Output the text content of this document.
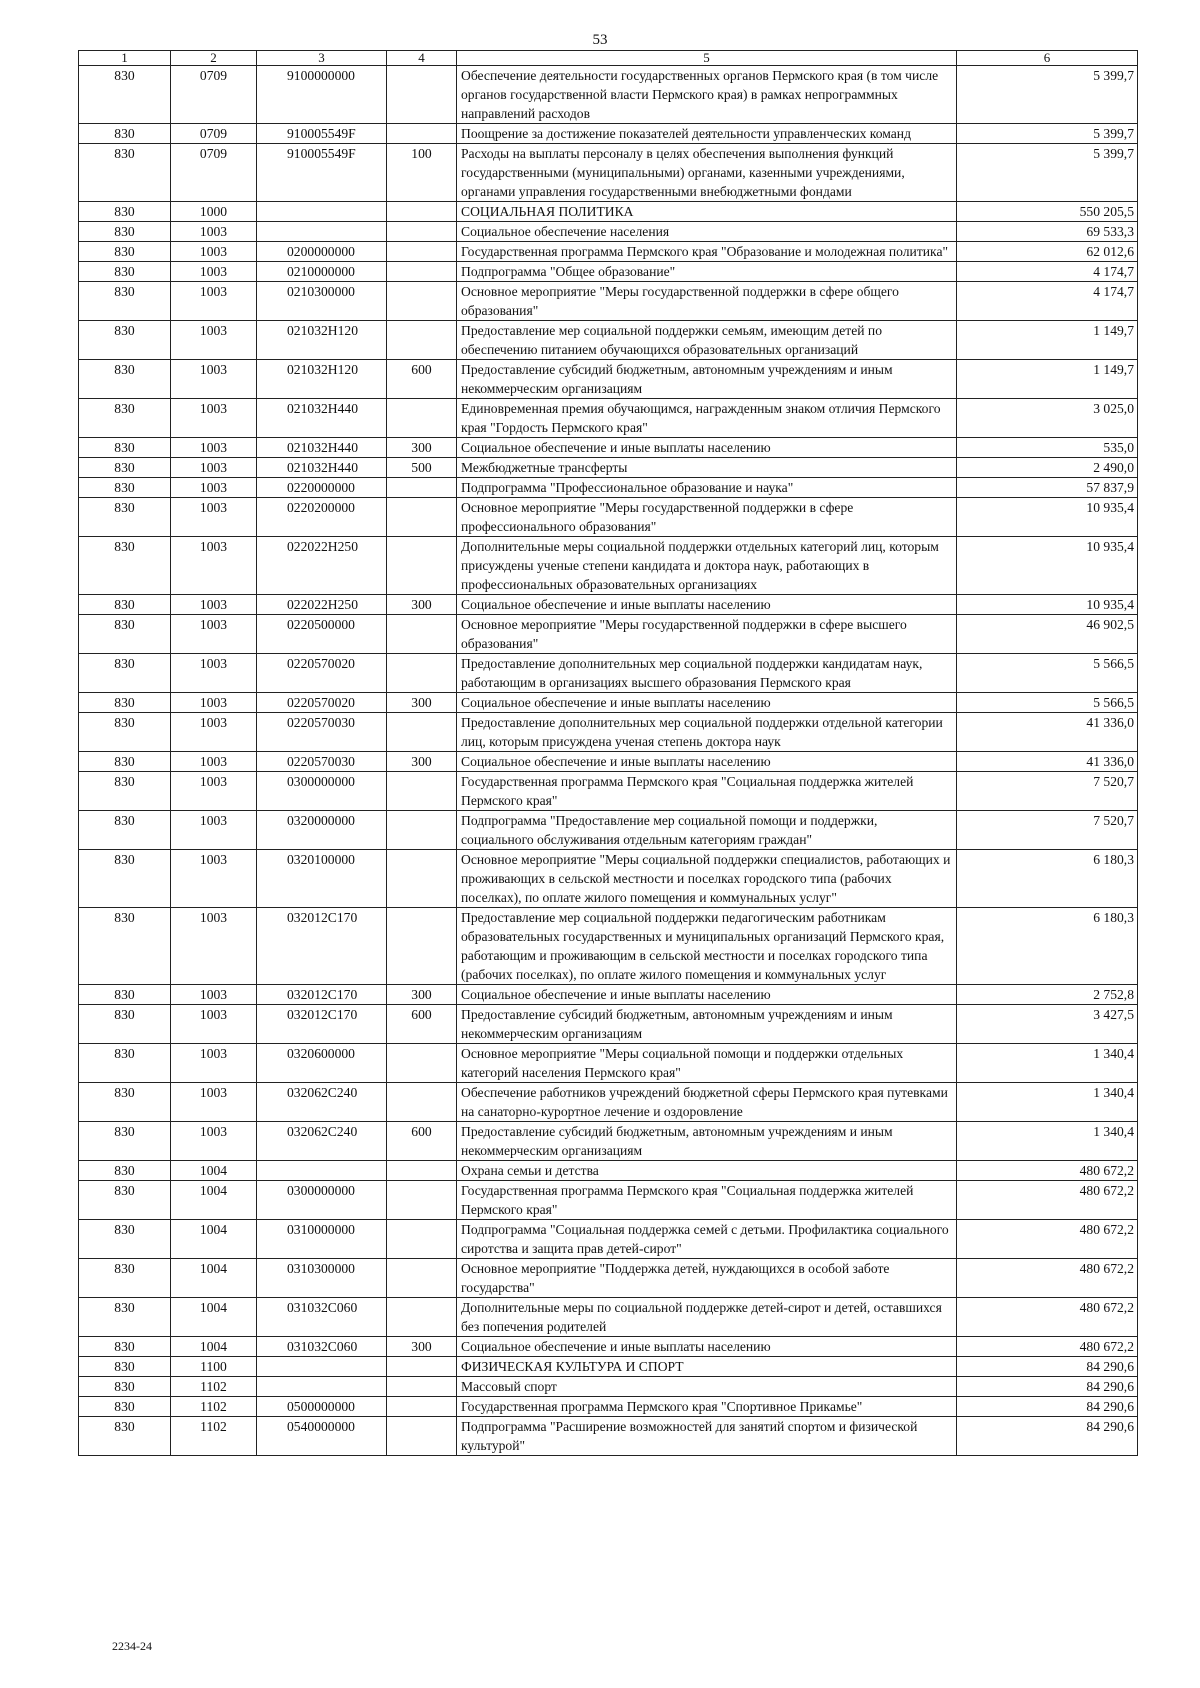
53
1	2	3	4	5	6
830	0709	9100000000		Обеспечение деятельности государственных органов Пермского края (в том числе органов государственной власти Пермского края) в рамках непрограммных направлений расходов	5 399,7
830	0709	910005549F		Поощрение за достижение показателей деятельности управленческих команд	5 399,7
830	0709	910005549F	100	Расходы на выплаты персоналу в целях обеспечения выполнения функций государственными (муниципальными) органами, казенными учреждениями, органами управления государственными внебюджетными фондами	5 399,7
830	1000			СОЦИАЛЬНАЯ ПОЛИТИКА	550 205,5
830	1003			Социальное обеспечение населения	69 533,3
830	1003	0200000000		Государственная программа Пермского края "Образование и молодежная политика"	62 012,6
830	1003	0210000000		Подпрограмма "Общее образование"	4 174,7
830	1003	0210300000		Основное мероприятие "Меры государственной поддержки в сфере общего образования"	4 174,7
830	1003	021032H120		Предоставление мер социальной поддержки семьям, имеющим детей по обеспечению питанием обучающихся образовательных организаций	1 149,7
830	1003	021032H120	600	Предоставление субсидий бюджетным, автономным учреждениям и иным некоммерческим организациям	1 149,7
830	1003	021032H440		Единовременная премия обучающимся, награжденным знаком отличия Пермского края "Гордость Пермского края"	3 025,0
830	1003	021032H440	300	Социальное обеспечение и иные выплаты населению	535,0
830	1003	021032H440	500	Межбюджетные трансферты	2 490,0
830	1003	0220000000		Подпрограмма "Профессиональное образование и наука"	57 837,9
830	1003	0220200000		Основное мероприятие "Меры государственной поддержки в сфере профессионального образования"	10 935,4
830	1003	022022H250		Дополнительные меры социальной поддержки отдельных категорий лиц, которым присуждены ученые степени кандидата и доктора наук, работающих в профессиональных образовательных организациях	10 935,4
830	1003	022022H250	300	Социальное обеспечение и иные выплаты населению	10 935,4
830	1003	0220500000		Основное мероприятие "Меры государственной поддержки в сфере высшего образования"	46 902,5
830	1003	0220570020		Предоставление дополнительных мер социальной поддержки кандидатам наук, работающим в организациях высшего образования Пермского края	5 566,5
830	1003	0220570020	300	Социальное обеспечение и иные выплаты населению	5 566,5
830	1003	0220570030		Предоставление дополнительных мер социальной поддержки отдельной категории лиц, которым присуждена ученая степень доктора наук	41 336,0
830	1003	0220570030	300	Социальное обеспечение и иные выплаты населению	41 336,0
830	1003	0300000000		Государственная программа Пермского края "Социальная поддержка жителей Пермского края"	7 520,7
830	1003	0320000000		Подпрограмма "Предоставление мер социальной помощи и поддержки, социального обслуживания отдельным категориям граждан"	7 520,7
830	1003	0320100000		Основное мероприятие "Меры социальной поддержки специалистов, работающих и проживающих в сельской местности и поселках городского типа (рабочих поселках), по оплате жилого помещения и коммунальных услуг"	6 180,3
830	1003	032012С170		Предоставление мер социальной поддержки педагогическим работникам образовательных государственных и муниципальных организаций Пермского края, работающим и проживающим в сельской местности и поселках городского типа (рабочих поселках), по оплате жилого помещения и коммунальных услуг	6 180,3
830	1003	032012С170	300	Социальное обеспечение и иные выплаты населению	2 752,8
830	1003	032012С170	600	Предоставление субсидий бюджетным, автономным учреждениям и иным некоммерческим организациям	3 427,5
830	1003	0320600000		Основное мероприятие "Меры социальной помощи и поддержки отдельных категорий населения Пермского края"	1 340,4
830	1003	032062С240		Обеспечение работников учреждений бюджетной сферы Пермского края путевками на санаторно-курортное лечение и оздоровление	1 340,4
830	1003	032062С240	600	Предоставление субсидий бюджетным, автономным учреждениям и иным некоммерческим организациям	1 340,4
830	1004			Охрана семьи и детства	480 672,2
830	1004	0300000000		Государственная программа Пермского края "Социальная поддержка жителей Пермского края"	480 672,2
830	1004	0310000000		Подпрограмма "Социальная поддержка семей с детьми. Профилактика социального сиротства и защита прав детей-сирот"	480 672,2
830	1004	0310300000		Основное мероприятие "Поддержка детей, нуждающихся в особой заботе государства"	480 672,2
830	1004	031032С060		Дополнительные меры по социальной поддержке детей-сирот и детей, оставшихся без попечения родителей	480 672,2
830	1004	031032С060	300	Социальное обеспечение и иные выплаты населению	480 672,2
830	1100			ФИЗИЧЕСКАЯ КУЛЬТУРА И СПОРТ	84 290,6
830	1102			Массовый спорт	84 290,6
830	1102	0500000000		Государственная программа Пермского края "Спортивное Прикамье"	84 290,6
830	1102	0540000000		Подпрограмма "Расширение возможностей для занятий спортом и физической культурой"	84 290,6
2234-24
